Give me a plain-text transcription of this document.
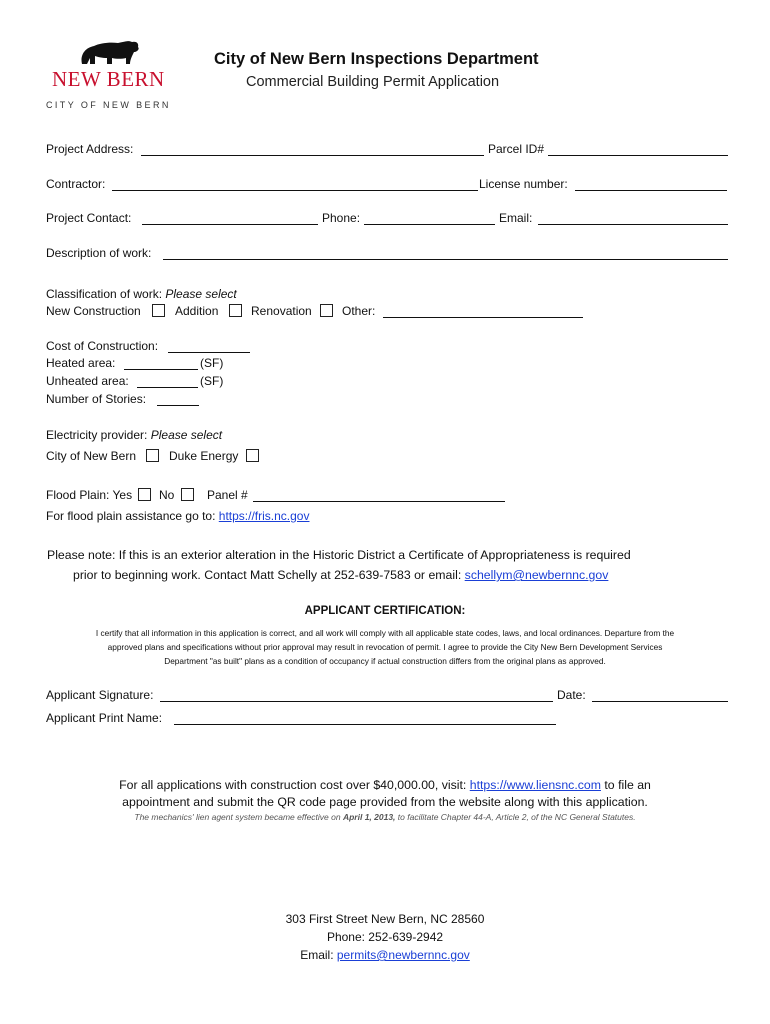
NEW BERN
CITY OF NEW BERN
City of New Bern Inspections Department
Commercial Building Permit Application
Project Address:	Parcel ID#
Contractor:	License number:
Project Contact:	Phone:	Email:
Description of work:
Classification of work: Please select
New Construction	Addition	Renovation	Other:
Cost of Construction:
Heated area:	(SF)
Unheated area:	(SF)
Number of Stories:
Electricity provider: Please select
City of New Bern	Duke Energy
Flood Plain: Yes No	Panel #
For flood plain assistance go to: https://fris.nc.gov
Please note: If this is an exterior alteration in the Historic District a Certificate of Appropriateness is required
prior to beginning work. Contact Matt Schelly at 252-639-7583 or email: schellym@newbernnc.gov
APPLICANT CERTIFICATION:
I certify that all information in this application is correct, and all work will comply with all applicable state codes, laws, and local ordinances. Departure from the
approved plans and specifications without prior approval may result in revocation of permit. I agree to provide the City New Bern Development Services
Department "as built" plans as a condition of occupancy if actual construction differs from the original plans as approved.
Applicant Signature:	Date:
Applicant Print Name:
For all applications with construction cost over $40,000.00, visit: https://www.liensnc.com to file an
appointment and submit the QR code page provided from the website along with this application.
The mechanics' lien agent system became effective on April 1, 2013, to facilitate Chapter 44-A, Article 2, of the NC General Statutes.
303 First Street New Bern, NC 28560
Phone: 252-639-2942
Email: permits@newbernnc.gov
